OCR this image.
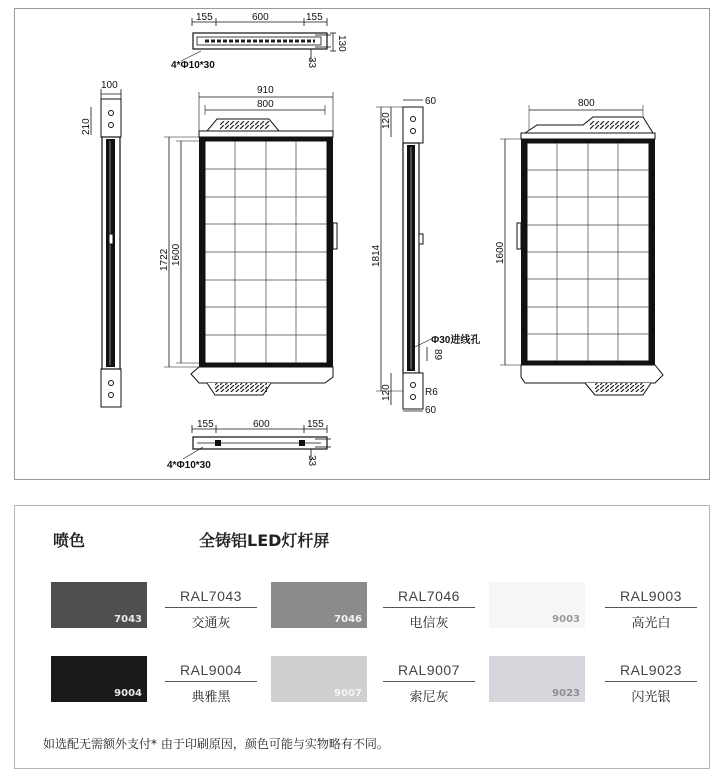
155	600	155
130
33
4*Φ10*30
100
210
910
800
1722 1600
60
120
1814
Φ30进线孔
89
120	R6
60
800
1600
155	600	155
33
4*Φ10*30
喷色	全铸铝LED灯杆屏
7043
RAL7043
交通灰	7046
RAL7046
电信灰	9003
RAL9003
高光白
9004
RAL9004
典雅黑	9007
RAL9007
索尼灰	9023
RAL9023
闪光银
如选配无需额外支付* 由于印刷原因，颜色可能与实物略有不同。
